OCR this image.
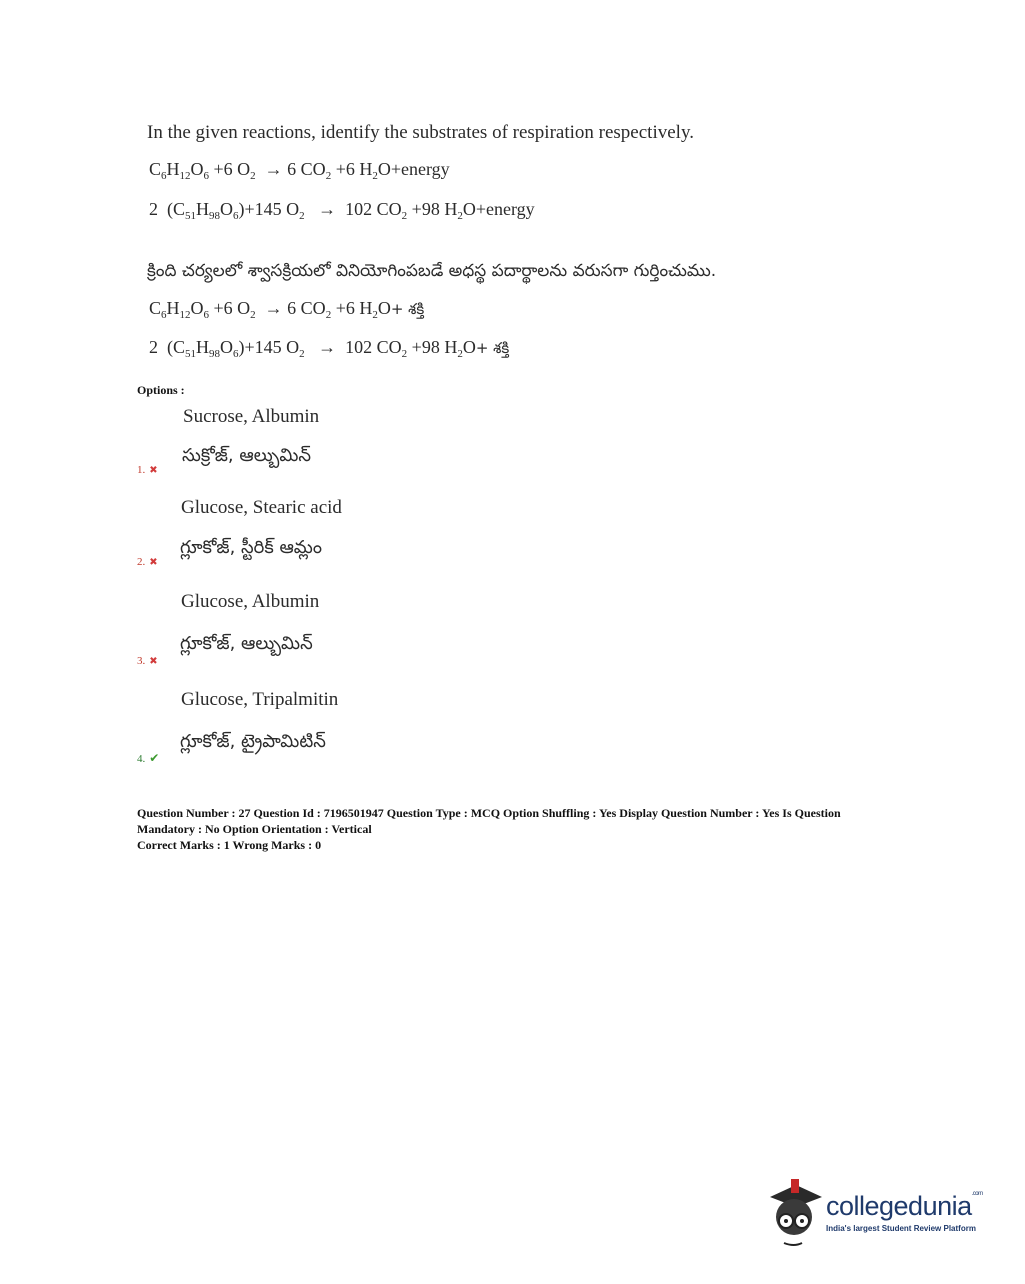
In the given reactions, identify the substrates of respiration respectively.
$C_6H_{12}O_6 +6$ $O_2 \to 6$ $CO_2 +6$ $H_2O+energy$
2  $(C_{51}H_{98}O_6)+145$ $O_2 \to 102$ $CO_2 +98$ $H_2O+energy$
క్రింది చర్యలలో శ్వాసక్రియలో వినియోగింపబడే అధస్థ పదార్థాలను వరుసగా గుర్తించుము.
$C_6H_{12}O_6 +6$ $O_2 \to 6$ $CO_2 +6$ $H_2O+$ శక్తి
2  $(C_{51}H_{98}O_6)+145$ $O_2 \to 102$ $CO_2 +98$ $H_2O+$ శక్తి
Options :
Sucrose, Albumin
సుక్రోజ్, ఆల్బుమిన్
1. ✖
Glucose, Stearic acid
గ్లూకోజ్, స్టీరిక్ ఆమ్లం
2. ✖
Glucose, Albumin
గ్లూకోజ్, ఆల్బుమిన్
3. ✖
Glucose, Tripalmitin
గ్లూకోజ్, ట్రైపామిటిన్
4. ✔
Question Number : 27 Question Id : 7196501947 Question Type : MCQ Option Shuffling : Yes Display Question Number : Yes Is Question Mandatory : No Option Orientation : Vertical
Correct Marks : 1 Wrong Marks : 0
collegedunia$^{.com}$
India's largest Student Review Platform
